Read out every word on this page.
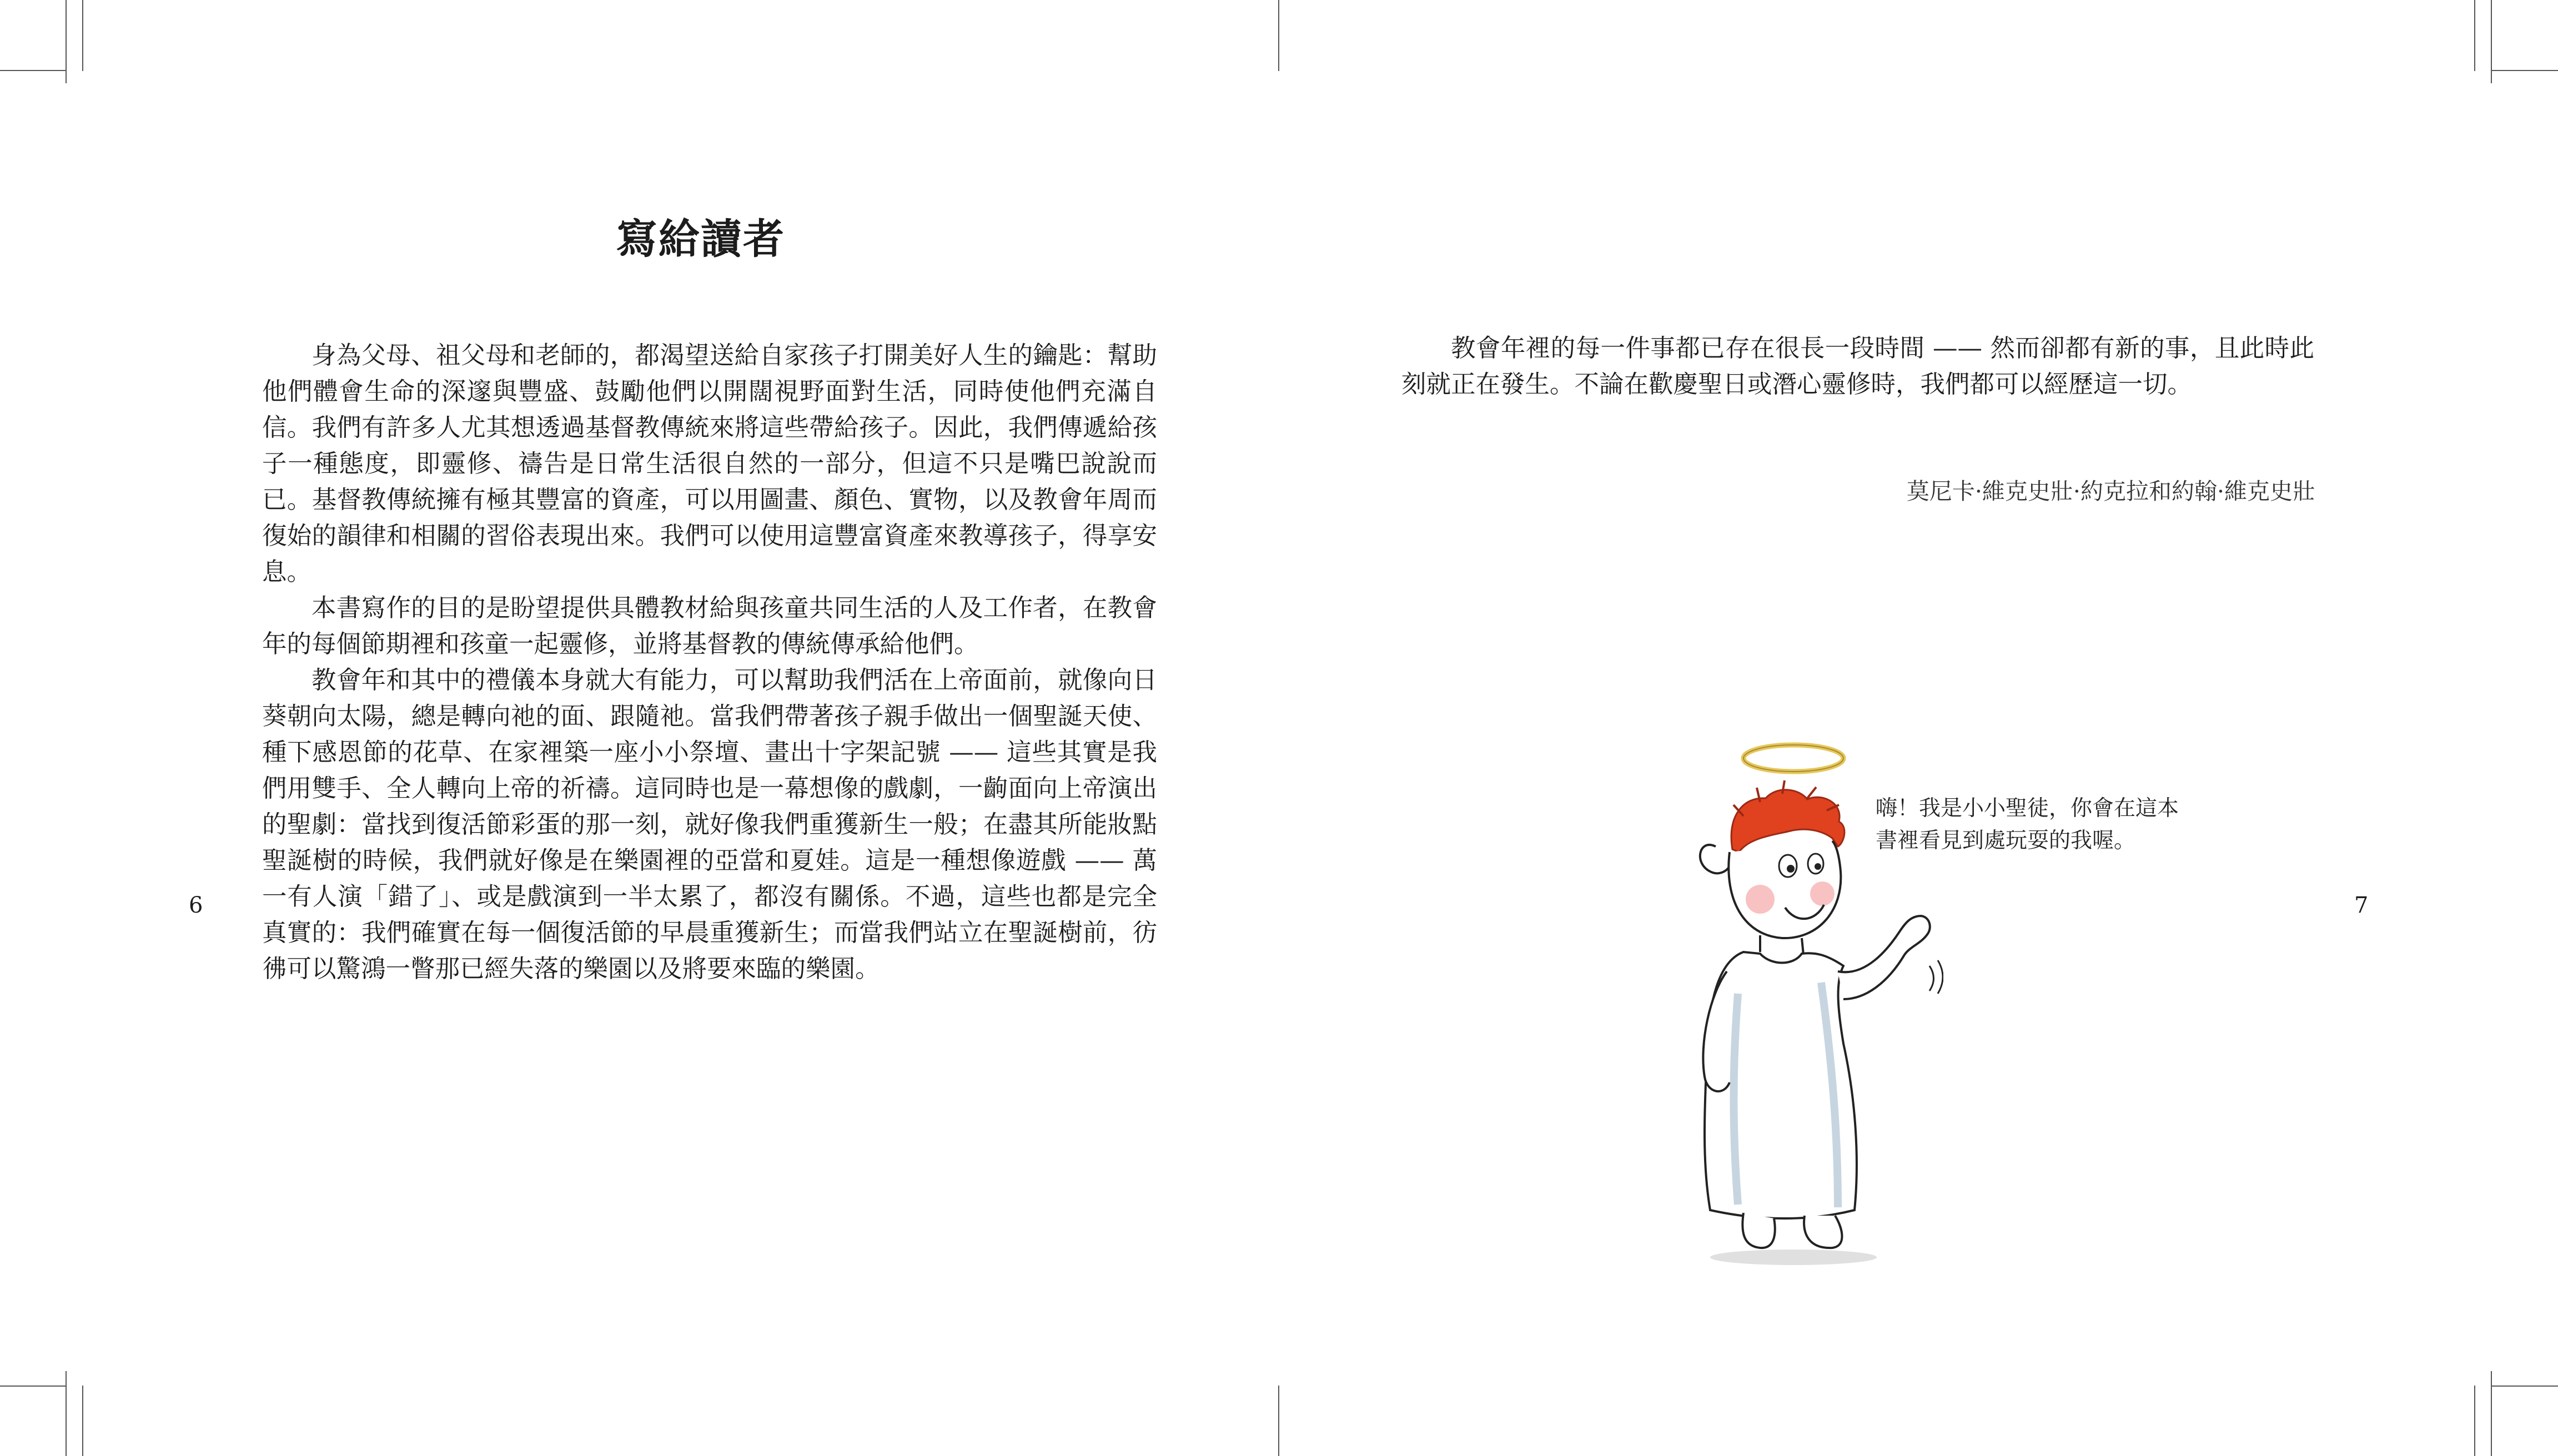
寫給讀者

身為父母、祖父母和老師的，都渴望送給自家孩子打開美好人生的鑰匙：幫助他們體會生命的深邃與豐盛、鼓勵他們以開闊視野面對生活，同時使他們充滿自信。我們有許多人尤其想透過基督教傳統來將這些帶給孩子。因此，我們傳遞給孩子一種態度，即靈修、禱告是日常生活很自然的一部分，但這不只是嘴巴說說而已。基督教傳統擁有極其豐富的資產，可以用圖畫、顏色、實物，以及教會年周而復始的韻律和相關的習俗表現出來。我們可以使用這豐富資產來教導孩子，得享安息。

本書寫作的目的是盼望提供具體教材給與孩童共同生活的人及工作者，在教會年的每個節期裡和孩童一起靈修，並將基督教的傳統傳承給他們。

教會年和其中的禮儀本身就大有能力，可以幫助我們活在上帝面前，就像向日葵朝向太陽，總是轉向祂的面、跟隨祂。當我們帶著孩子親手做出一個聖誕天使、種下感恩節的花草、在家裡築一座小小祭壇、畫出十字架記號 —— 這些其實是我們用雙手、全人轉向上帝的祈禱。這同時也是一幕想像的戲劇，一齣面向上帝演出的聖劇：當找到復活節彩蛋的那一刻，就好像我們重獲新生一般；在盡其所能妝點聖誕樹的時候，我們就好像是在樂園裡的亞當和夏娃。這是一種想像遊戲 —— 萬一有人演「錯了」、或是戲演到一半太累了，都沒有關係。不過，這些也都是完全真實的：我們確實在每一個復活節的早晨重獲新生；而當我們站立在聖誕樹前，彷彿可以驚鴻一瞥那已經失落的樂園以及將要來臨的樂園。

6	7

教會年裡的每一件事都已存在很長一段時間 —— 然而卻都有新的事，且此時此刻就正在發生。不論在歡慶聖日或潛心靈修時，我們都可以經歷這一切。

莫尼卡·維克史壯·約克拉和約翰·維克史壯
嗨！我是小小聖徒，你會在這本書裡看見到處玩耍的我喔。
